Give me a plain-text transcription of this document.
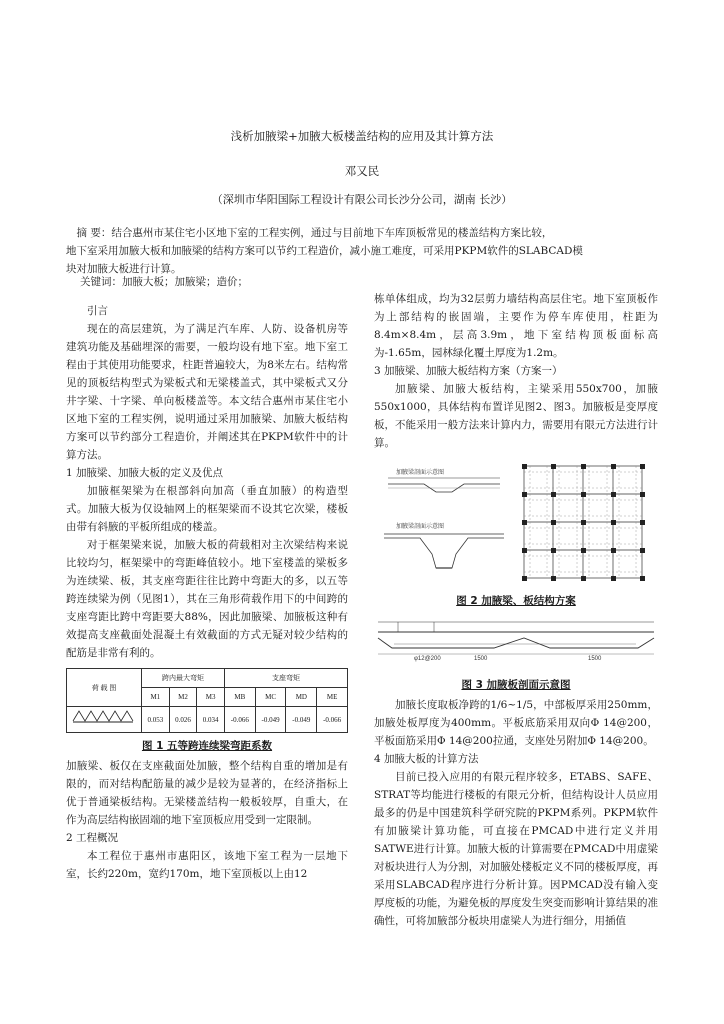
浅析加腋梁+加腋大板楼盖结构的应用及其计算方法
邓又民
（深圳市华阳国际工程设计有限公司长沙分公司，湖南 长沙）
摘 要：结合惠州市某住宅小区地下室的工程实例，通过与目前地下车库顶板常见的楼盖结构方案比较，
地下室采用加腋大板和加腋梁的结构方案可以节约工程造价，减小施工难度，可采用PKPM软件的SLABCAD模
块对加腋大板进行计算。
关键词：加腋大板；加腋梁；造价；

引言

现在的高层建筑，为了满足汽车库、人防、设备机房等建筑功能及基础埋深的需要，一般均设有地下室。地下室工程由于其使用功能要求，柱距普遍较大，为8米左右。结构常见的顶板结构型式为梁板式和无梁楼盖式，其中梁板式又分井字梁、十字梁、单向板楼盖等。本文结合惠州市某住宅小区地下室的工程实例，说明通过采用加腋梁、加腋大板结构方案可以节约部分工程造价，并阐述其在PKPM软件中的计算方法。

1 加腋梁、加腋大板的定义及优点

加腋框架梁为在根部斜向加高（垂直加腋）的构造型式。加腋大板为仅设轴网上的框架梁而不设其它次梁，楼板由带有斜腋的平板所组成的楼盖。

对于框架梁来说，加腋大板的荷载相对主次梁结构来说比较均匀，框架梁中的弯距峰值较小。地下室楼盖的梁板多为连续梁、板，其支座弯距往往比跨中弯距大的多，以五等跨连续梁为例（见图1），其在三角形荷载作用下的中间跨的支座弯距比跨中弯距要大88%，因此加腋梁、加腋板这种有效提高支座截面处混凝土有效截面的方式无疑对较少结构的配筋是非常有利的。

荷 载 图	跨内最大弯矩			支座弯矩			
	M1	M2	M3	MB	MC	MD	ME
	0.053	0.026	0.034	-0.066	-0.049	-0.049	-0.066
图 1 五等跨连续梁弯距系数

加腋梁、板仅在支座截面处加腋，整个结构自重的增加是有限的，而对结构配筋量的减少是较为显著的，在经济指标上优于普通梁板结构。无梁楼盖结构一般板较厚，自重大，在作为高层结构嵌固端的地下室顶板应用受到一定限制。

2 工程概况

本工程位于惠州市惠阳区，该地下室工程为一层地下室，长约220m，宽约170m，地下室顶板以上由12

栋单体组成，均为32层剪力墙结构高层住宅。地下室顶板作为上部结构的嵌固端，主要作为停车库使用，柱距为8.4m×8.4m，层高3.9m，地下室结构顶板面标高为-1.65m，园林绿化覆土厚度为1.2m。

3 加腋梁、加腋大板结构方案（方案一）

加腋梁、加腋大板结构，主梁采用550x700，加腋550x1000，具体结构布置详见图2、图3。加腋板是变厚度板，不能采用一般方法来计算内力，需要用有限元方法进行计算。

加腋梁剖面示意图
加腋梁剖面示意图
图 2 加腋梁、板结构方案
φ12@200	1500	1500
图 3 加腋板剖面示意图

加腋长度取板净跨的1/6~1/5，中部板厚采用250mm，加腋处板厚度为400mm。平板底筋采用双向Φ 14@200，平板面筋采用Φ 14@200拉通，支座处另附加Φ 14@200。

4 加腋大板的计算方法

目前已投入应用的有限元程序较多，ETABS、SAFE、STRAT等均能进行楼板的有限元分析，但结构设计人员应用最多的仍是中国建筑科学研究院的PKPM系列。PKPM软件有加腋梁计算功能，可直接在PMCAD中进行定义并用SATWE进行计算。加腋大板的计算需要在PMCAD中用虚梁对板块进行人为分割，对加腋处楼板定义不同的楼板厚度，再采用SLABCAD程序进行分析计算。因PMCAD没有输入变厚度板的功能，为避免板的厚度发生突变而影响计算结果的准确性，可将加腋部分板块用虚梁人为进行细分，用插值
